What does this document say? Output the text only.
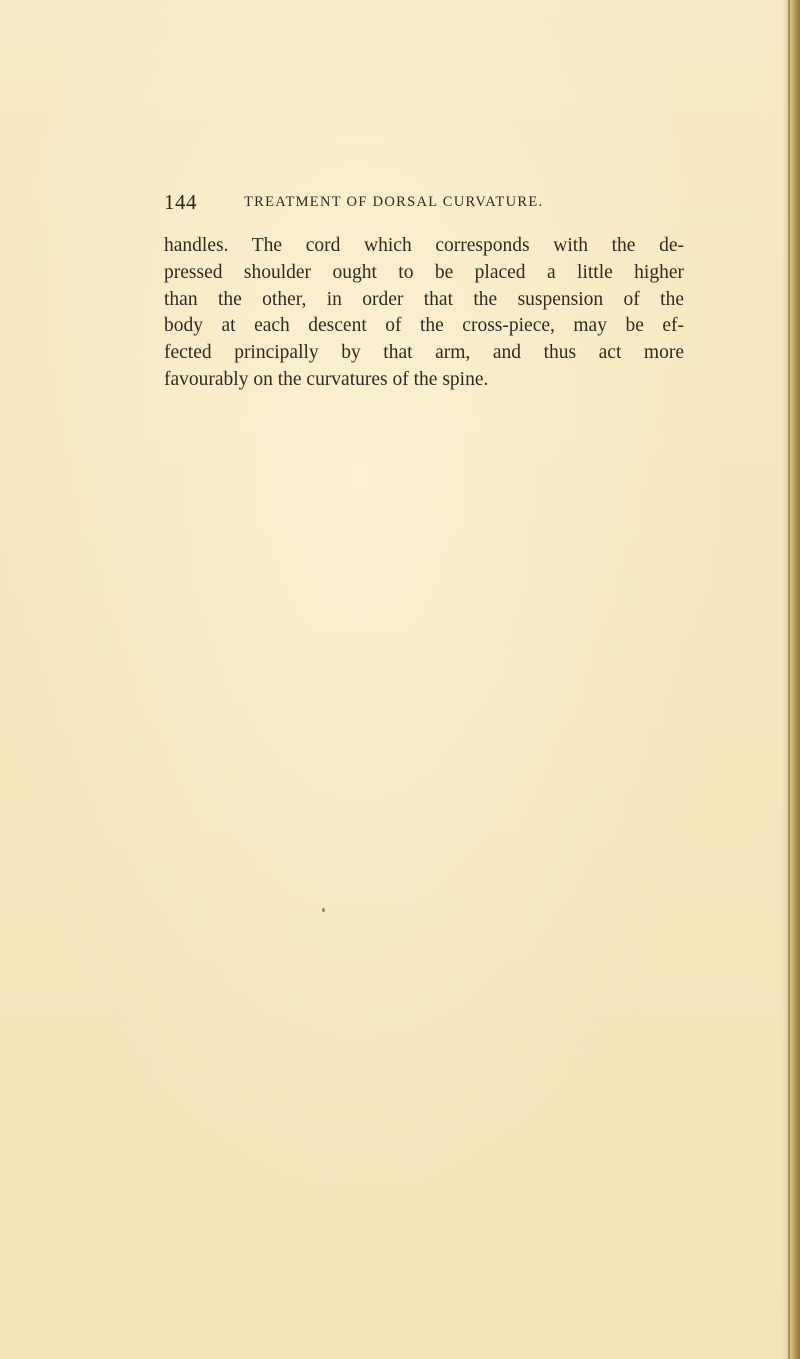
144	TREATMENT OF DORSAL CURVATURE.
handles. The cord which corresponds with the de-
pressed shoulder ought to be placed a little higher
than the other, in order that the suspension of the
body at each descent of the cross-piece, may be ef-
fected principally by that arm, and thus act more
favourably on the curvatures of the spine.
